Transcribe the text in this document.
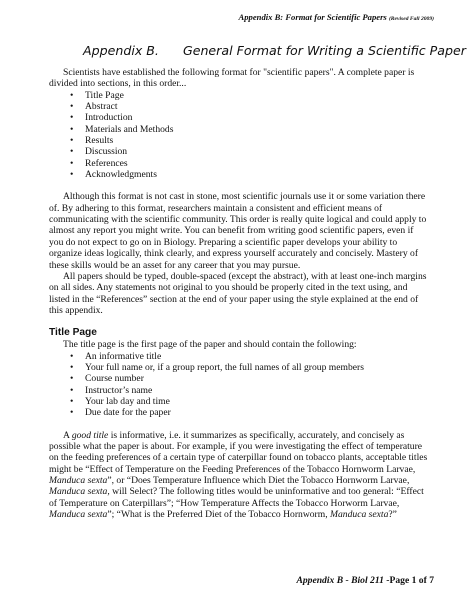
Appendix B: Format for Scientific Papers (Revised Fall 2009)
Appendix B. General Format for Writing a Scientific Paper

Scientists have established the following format for "scientific papers". A complete paper is divided into sections, in this order...

• Title Page
• Abstract
• Introduction
• Materials and Methods
• Results
• Discussion
• References
• Acknowledgments

Although this format is not cast in stone, most scientific journals use it or some variation there of. By adhering to this format, researchers maintain a consistent and efficient means of communicating with the scientific community. This order is really quite logical and could apply to almost any report you might write. You can benefit from writing good scientific papers, even if you do not expect to go on in Biology. Preparing a scientific paper develops your ability to organize ideas logically, think clearly, and express yourself accurately and concisely. Mastery of these skills would be an asset for any career that you may pursue.

All papers should be typed, double-spaced (except the abstract), with at least one-inch margins on all sides. Any statements not original to you should be properly cited in the text using, and listed in the “References” section at the end of your paper using the style explained at the end of this appendix.

Title Page

The title page is the first page of the paper and should contain the following:

• An informative title
• Your full name or, if a group report, the full names of all group members
• Course number
• Instructor’s name
• Your lab day and time
• Due date for the paper

A good title is informative, i.e. it summarizes as specifically, accurately, and concisely as possible what the paper is about. For example, if you were investigating the effect of temperature on the feeding preferences of a certain type of caterpillar found on tobacco plants, acceptable titles might be “Effect of Temperature on the Feeding Preferences of the Tobacco Hornworm Larvae, Manduca sexta”, or “Does Temperature Influence which Diet the Tobacco Hornworm Larvae, Manduca sexta, will Select? The following titles would be uninformative and too general: “Effect of Temperature on Caterpillars”; “How Temperature Affects the Tobacco Horworm Larvae, Manduca sexta”; “What is the Preferred Diet of the Tobacco Hornworm, Manduca sexta?”

Appendix B - Biol 211 -Page 1 of 7
